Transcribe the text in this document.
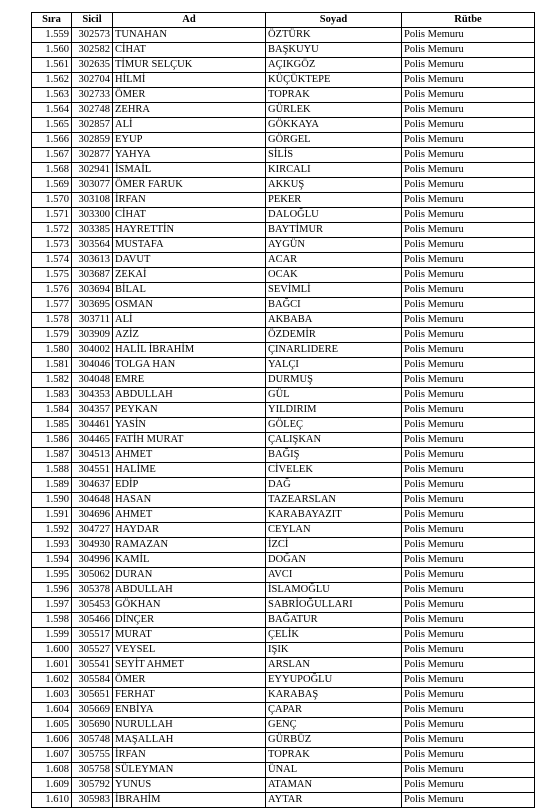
Sıra	Sicil	Ad	Soyad	Rütbe
1.559	302573	TUNAHAN	ÖZTÜRK	Polis Memuru
1.560	302582	CİHAT	BAŞKUYU	Polis Memuru
1.561	302635	TİMUR SELÇUK	AÇIKGÖZ	Polis Memuru
1.562	302704	HİLMİ	KÜÇÜKTEPE	Polis Memuru
1.563	302733	ÖMER	TOPRAK	Polis Memuru
1.564	302748	ZEHRA	GÜRLEK	Polis Memuru
1.565	302857	ALİ	GÖKKAYA	Polis Memuru
1.566	302859	EYUP	GÖRGEL	Polis Memuru
1.567	302877	YAHYA	SİLİS	Polis Memuru
1.568	302941	İSMAİL	KIRCALI	Polis Memuru
1.569	303077	ÖMER FARUK	AKKUŞ	Polis Memuru
1.570	303108	İRFAN	PEKER	Polis Memuru
1.571	303300	CİHAT	DALOĞLU	Polis Memuru
1.572	303385	HAYRETTİN	BAYTİMUR	Polis Memuru
1.573	303564	MUSTAFA	AYGÜN	Polis Memuru
1.574	303613	DAVUT	ACAR	Polis Memuru
1.575	303687	ZEKAİ	OCAK	Polis Memuru
1.576	303694	BİLAL	SEVİMLİ	Polis Memuru
1.577	303695	OSMAN	BAĞCI	Polis Memuru
1.578	303711	ALİ	AKBABA	Polis Memuru
1.579	303909	AZİZ	ÖZDEMİR	Polis Memuru
1.580	304002	HALİL İBRAHİM	ÇINARLIDERE	Polis Memuru
1.581	304046	TOLGA HAN	YALÇI	Polis Memuru
1.582	304048	EMRE	DURMUŞ	Polis Memuru
1.583	304353	ABDULLAH	GÜL	Polis Memuru
1.584	304357	PEYKAN	YILDIRIM	Polis Memuru
1.585	304461	YASİN	GÖLEÇ	Polis Memuru
1.586	304465	FATİH MURAT	ÇALIŞKAN	Polis Memuru
1.587	304513	AHMET	BAĞIŞ	Polis Memuru
1.588	304551	HALİME	CİVELEK	Polis Memuru
1.589	304637	EDİP	DAĞ	Polis Memuru
1.590	304648	HASAN	TAZEARSLAN	Polis Memuru
1.591	304696	AHMET	KARABAYAZIT	Polis Memuru
1.592	304727	HAYDAR	CEYLAN	Polis Memuru
1.593	304930	RAMAZAN	İZCİ	Polis Memuru
1.594	304996	KAMİL	DOĞAN	Polis Memuru
1.595	305062	DURAN	AVCI	Polis Memuru
1.596	305378	ABDULLAH	İSLAMOĞLU	Polis Memuru
1.597	305453	GÖKHAN	SABRİOĞULLARI	Polis Memuru
1.598	305466	DİNÇER	BAĞATUR	Polis Memuru
1.599	305517	MURAT	ÇELİK	Polis Memuru
1.600	305527	VEYSEL	IŞIK	Polis Memuru
1.601	305541	SEYİT AHMET	ARSLAN	Polis Memuru
1.602	305584	ÖMER	EYYUPOĞLU	Polis Memuru
1.603	305651	FERHAT	KARABAŞ	Polis Memuru
1.604	305669	ENBİYA	ÇAPAR	Polis Memuru
1.605	305690	NURULLAH	GENÇ	Polis Memuru
1.606	305748	MAŞALLAH	GÜRBÜZ	Polis Memuru
1.607	305755	İRFAN	TOPRAK	Polis Memuru
1.608	305758	SÜLEYMAN	ÜNAL	Polis Memuru
1.609	305792	YUNUS	ATAMAN	Polis Memuru
1.610	305983	İBRAHİM	AYTAR	Polis Memuru
